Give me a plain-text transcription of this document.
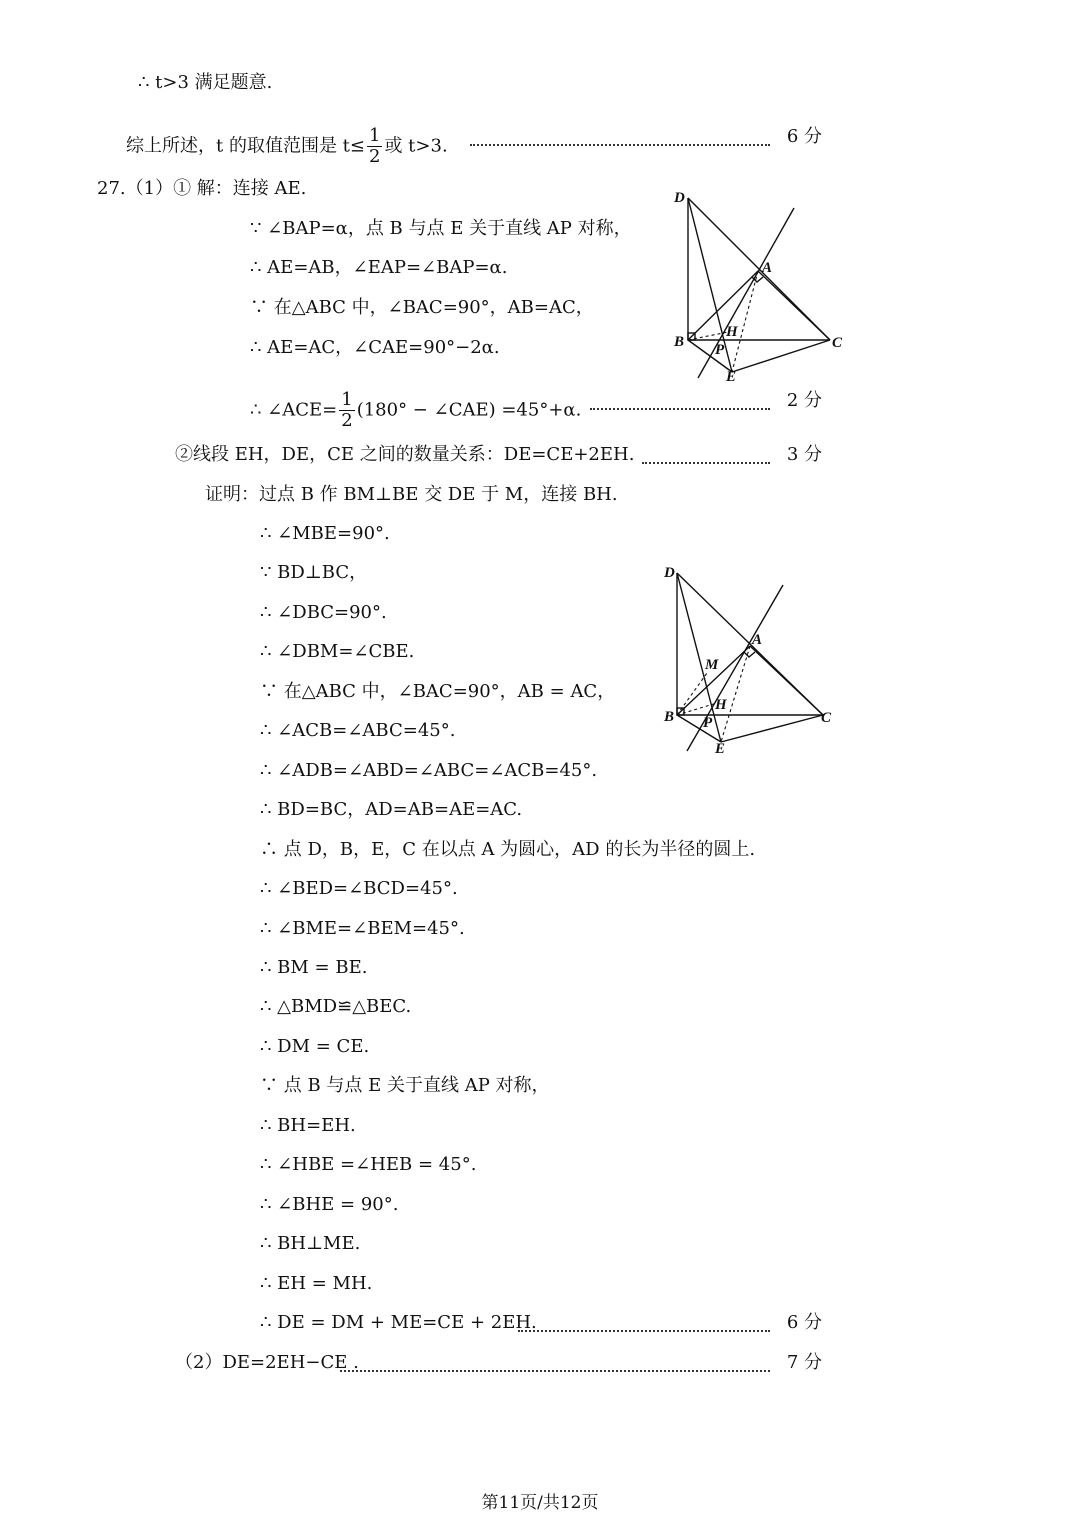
∴ t>3 满足题意.
综上所述，t 的取值范围是 $t\le \frac{1}{2}$ 或 t>3.	6 分
27.（1）① 解：连接 AE.
∵ ∠BAP=α，点 B 与点 E 关于直线 AP 对称，
∴ AE=AB，∠EAP=∠BAP=α.
∵ 在△ABC 中，∠BAC=90°，AB=AC，
∴ AE=AC，∠CAE=90°−2α.
∴ ∠ACE= $\frac{1}{2} (180^\circ$ − ∠CAE) =45°+α.	2 分
②线段 EH，DE，CE 之间的数量关系：DE=CE+2EH.	3 分
证明：过点 B 作 BM⊥BE 交 DE 于 M，连接 BH.
∴ ∠MBE=90°.
∵ BD⊥BC，
∴ ∠DBC=90°.
∴ ∠DBM=∠CBE.
∵ 在△ABC 中，∠BAC=90°，AB = AC，
∴ ∠ACB=∠ABC=45°.
∴ ∠ADB=∠ABD=∠ABC=∠ACB=45°.
∴ BD=BC，AD=AB=AE=AC.
∴ 点 D，B，E，C 在以点 A 为圆心，AD 的长为半径的圆上.
∴ ∠BED=∠BCD=45°.
∴ ∠BME=∠BEM=45°.
∴ BM = BE.
∴ △BMD≌△BEC.
∴ DM = CE.
∵ 点 B 与点 E 关于直线 AP 对称，
∴ BH=EH.
∴ ∠HBE =∠HEB = 45°.
∴ ∠BHE = 90°.
∴ BH⊥ME.
∴ EH = MH.
∴ DE = DM + ME=CE + 2EH.	6 分
（2）DE=2EH−CE .	7 分
D
A
B
H
C
P
E
D
A
M
B
H
C
P
E
第11页/共12页
